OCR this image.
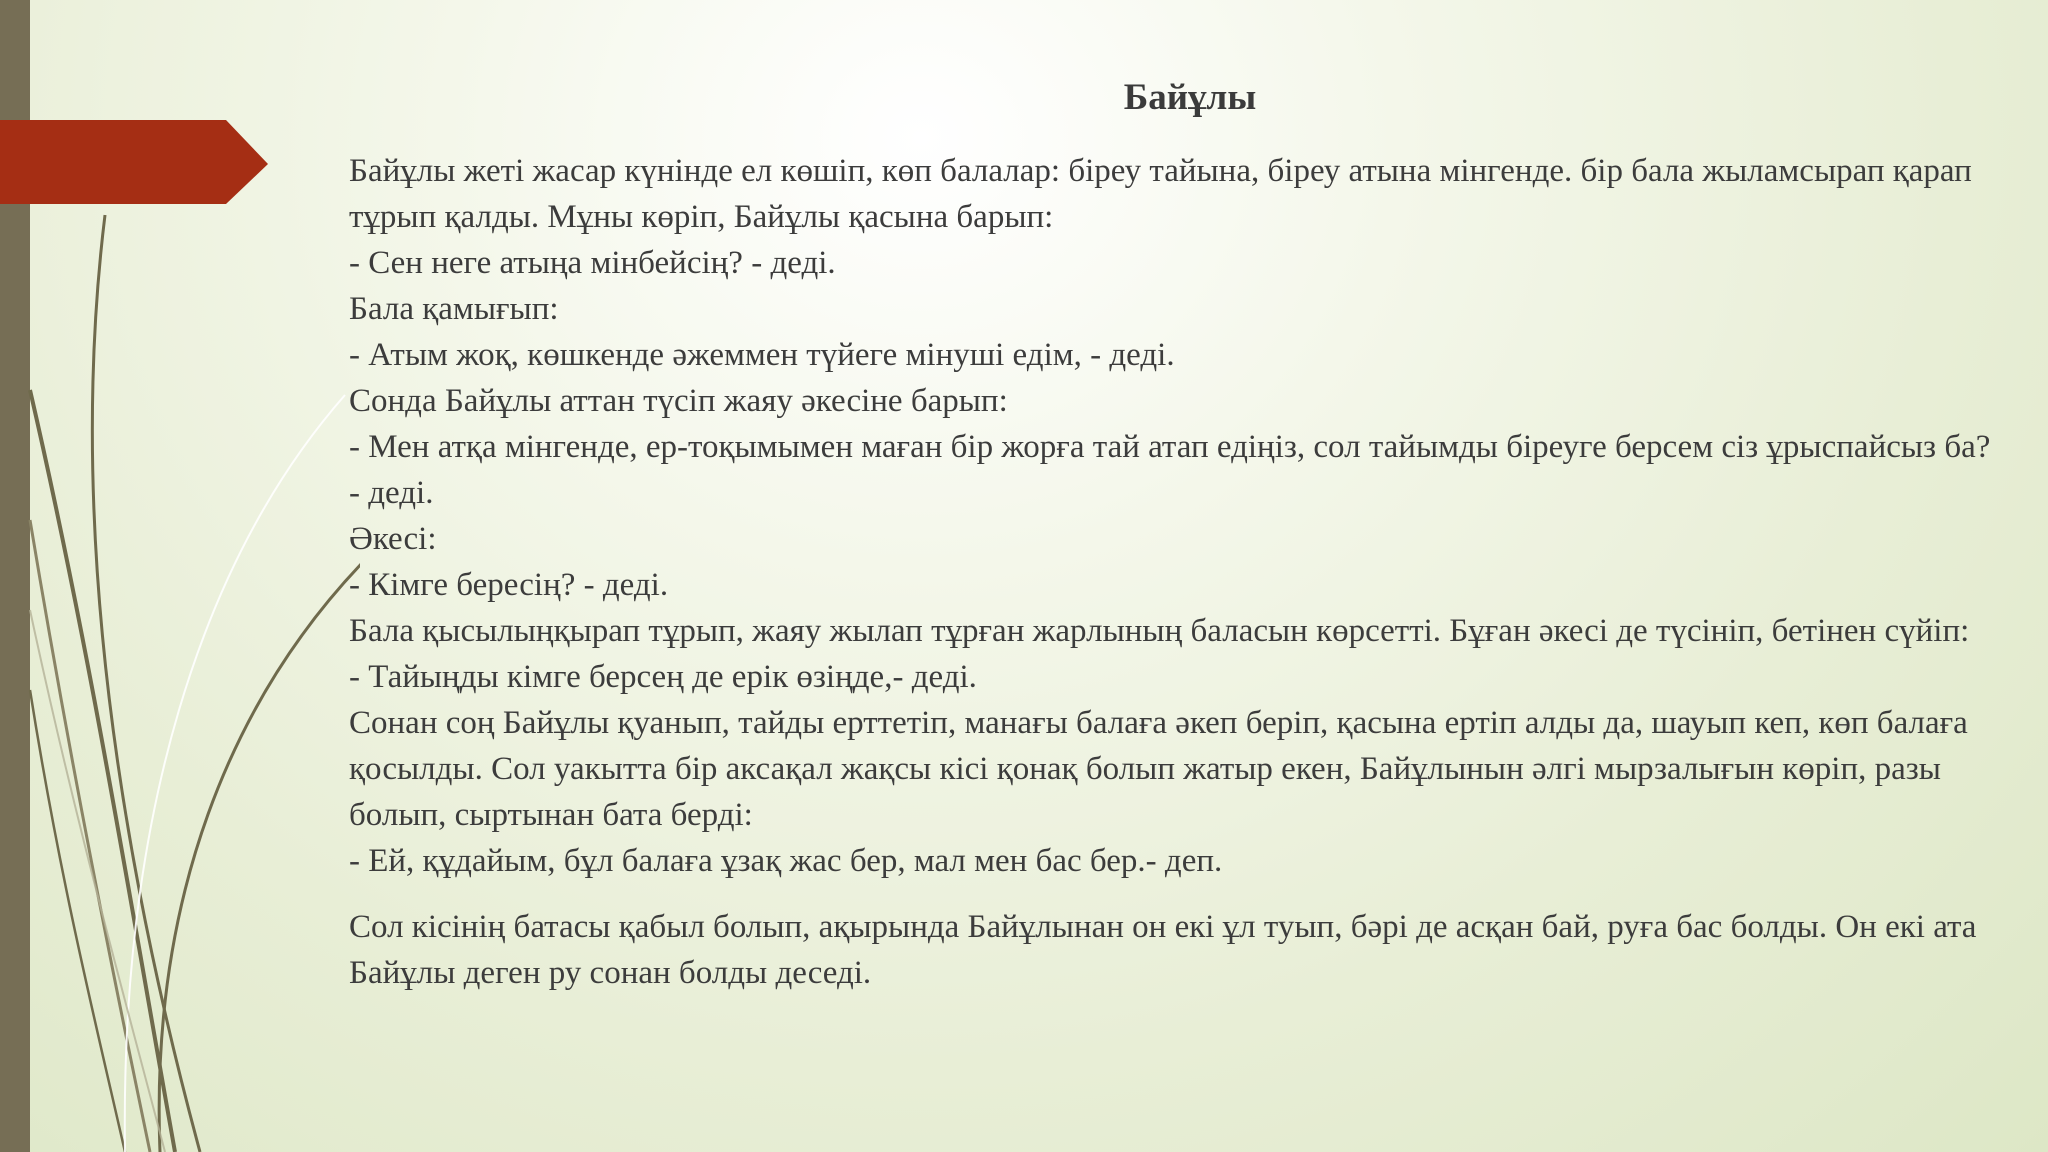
Байұлы

Байұлы жеті жасар күнінде ел көшіп, көп балалар: біреу тайына, біреу атына мінгенде. бір бала жыламсырап қарап тұрып қалды. Мұны көріп, Байұлы қасына барып:

- Сен неге атыңа мінбейсің? - деді.

Бала қамығып:

- Атым жоқ, көшкенде әжеммен түйеге мінуші едім, - деді.

Сонда Байұлы аттан түсіп жаяу әкесіне барып:

- Мен атқа мінгенде, ер-тоқымымен маған бір жорға тай атап едіңіз, сол тайымды біреуге берсем сіз ұрыспайсыз ба? - деді.

Әкесі:

- Кімге бересің? - деді.

Бала қысылыңқырап тұрып, жаяу жылап тұрған жарлының баласын көрсетті. Бұған әкесі де түсініп, бетінен сүйіп:

- Тайыңды кімге берсең де ерік өзіңде,- деді.

Сонан соң Байұлы қуанып, тайды ерттетіп, манағы балаға әкеп беріп, қасына ертіп алды да, шауып кеп, көп балаға қосылды. Сол уакытта бір аксақал жақсы кісі қонақ болып жатыр екен, Байұлынын әлгі мырзалығын көріп, разы болып, сыртынан бата берді:

- Ей, құдайым, бұл балаға ұзақ жас бер, мал мен бас бер.- деп.

Сол кісінің батасы қабыл болып, ақырында Байұлынан он екі ұл туып, бәрі де асқан бай, руға бас болды. Он екі ата Байұлы деген ру сонан болды деседі.
